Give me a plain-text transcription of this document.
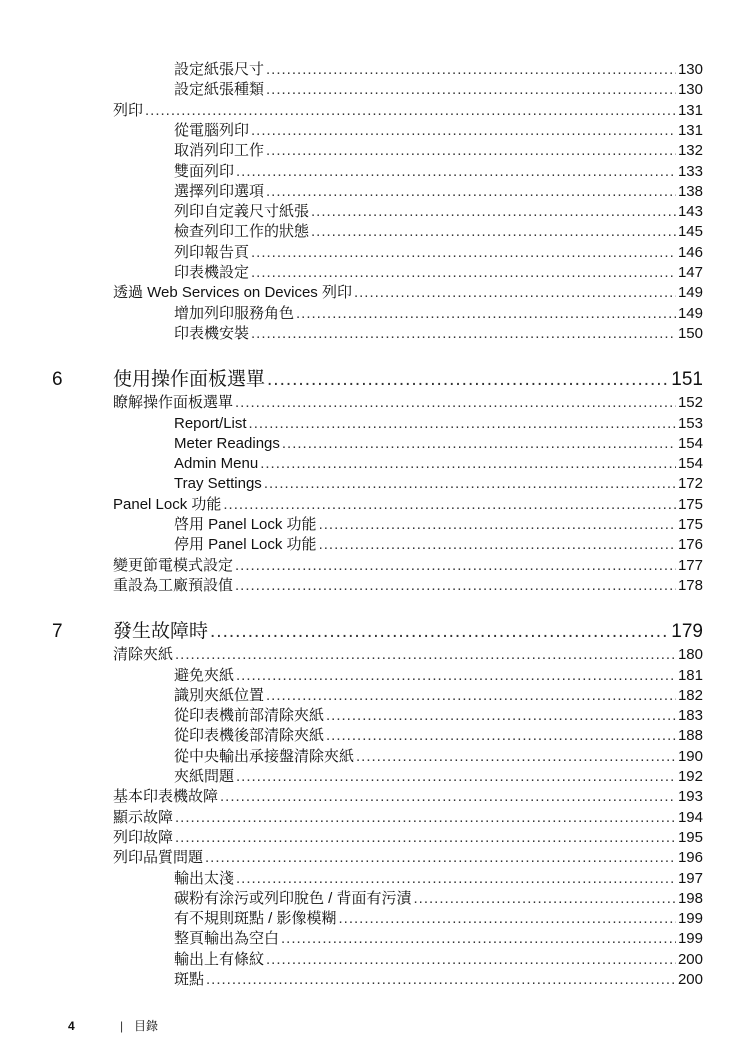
設定紙張尺寸 .....	130
設定紙張種類 .....	130
列印 .....	131
從電腦列印 .....	131
取消列印工作 .....	132
雙面列印 .....	133
選擇列印選項 .....	138
列印自定義尺寸紙張 .....	143
檢查列印工作的狀態 .....	145
列印報告頁 .....	146
印表機設定 .....	147
透過 Web Services on Devices 列印 .....	149
增加列印服務角色 .....	149
印表機安裝 .....	150
6	使用操作面板選單 .....	151
瞭解操作面板選單 .....	152
Report/List .....	153
Meter Readings .....	154
Admin Menu .....	154
Tray Settings .....	172
Panel Lock 功能 .....	175
啓用 Panel Lock 功能 .....	175
停用 Panel Lock 功能 .....	176
變更節電模式設定 .....	177
重設為工廠預設值 .....	178
7	發生故障時 .....	179
清除夾紙 .....	180
避免夾紙 .....	181
識別夾紙位置 .....	182
從印表機前部清除夾紙 .....	183
從印表機後部清除夾紙 .....	188
從中央輸出承接盤清除夾紙 .....	190
夾紙問題 .....	192
基本印表機故障 .....	193
顯示故障 .....	194
列印故障 .....	195
列印品質問題 .....	196
輸出太淺 .....	197
碳粉有涂污或列印脫色 / 背面有污漬 .....	198
有不規則斑點 / 影像模糊 .....	199
整頁輸出為空白 .....	199
輸出上有條紋 .....	200
斑點 .....	200
4	| 目錄
